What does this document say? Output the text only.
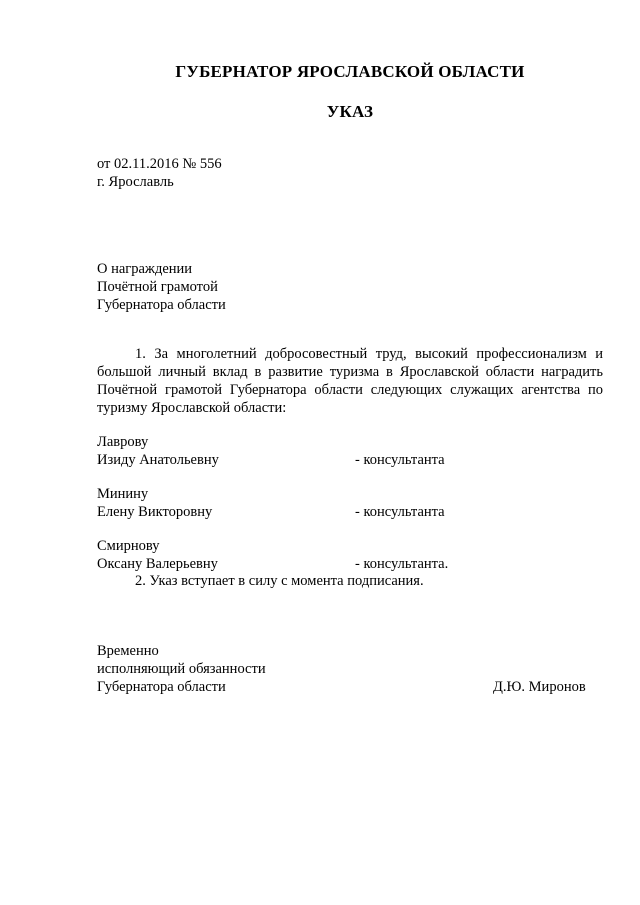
ГУБЕРНАТОР ЯРОСЛАВСКОЙ ОБЛАСТИ
УКАЗ
от 02.11.2016 № 556
г. Ярославль
О награждении
Почётной грамотой
Губернатора области
1. За многолетний добросовестный труд, высокий профессионализм и
большой личный вклад в развитие туризма в Ярославской области наградить
Почётной грамотой Губернатора области следующих служащих агентства по
туризму Ярославской области:
Лаврову
Изиду Анатольевну	- консультанта
Минину
Елену Викторовну	- консультанта
Смирнову
Оксану Валерьевну	- консультанта.
2. Указ вступает в силу с момента подписания.
Временно
исполняющий обязанности
Губернатора области	Д.Ю. Миронов
